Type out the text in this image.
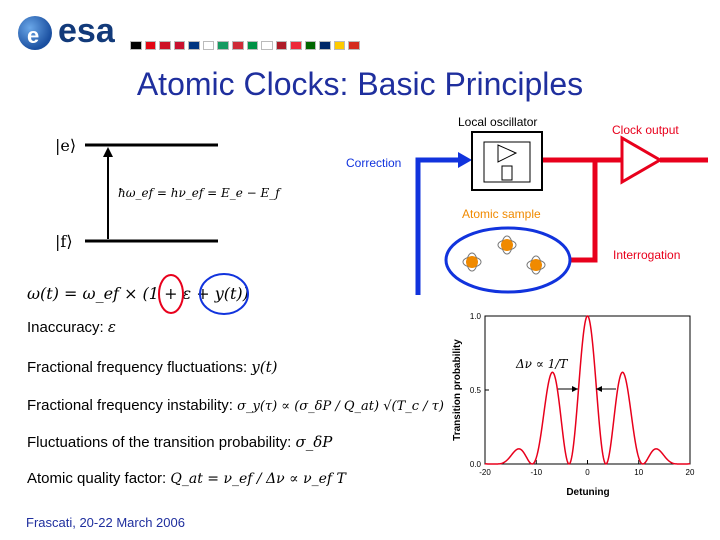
e esa
Atomic Clocks: Basic Principles
|e⟩
|f⟩
ħω_ef = hν_ef = E_e − E_f
ω(t) = ω_ef × (1 + ε + y(t))
Inaccuracy: ε
Fractional frequency fluctuations: y(t)
Fractional frequency instability: σ_y(τ) ∝ (σ_δP / Q_at) √(T_c / τ)
Fluctuations of the transition probability: σ_δP
Atomic quality factor: Q_at = ν_ef / Δν ∝ ν_ef T
Local oscillator
Clock output
Correction
Atomic sample
Interrogation
0.0
0.5
1.0
-20	-10	0	10	20
Detuning
Transition probability	Δν ∝ 1/T
Frascati, 20-22 March 2006
